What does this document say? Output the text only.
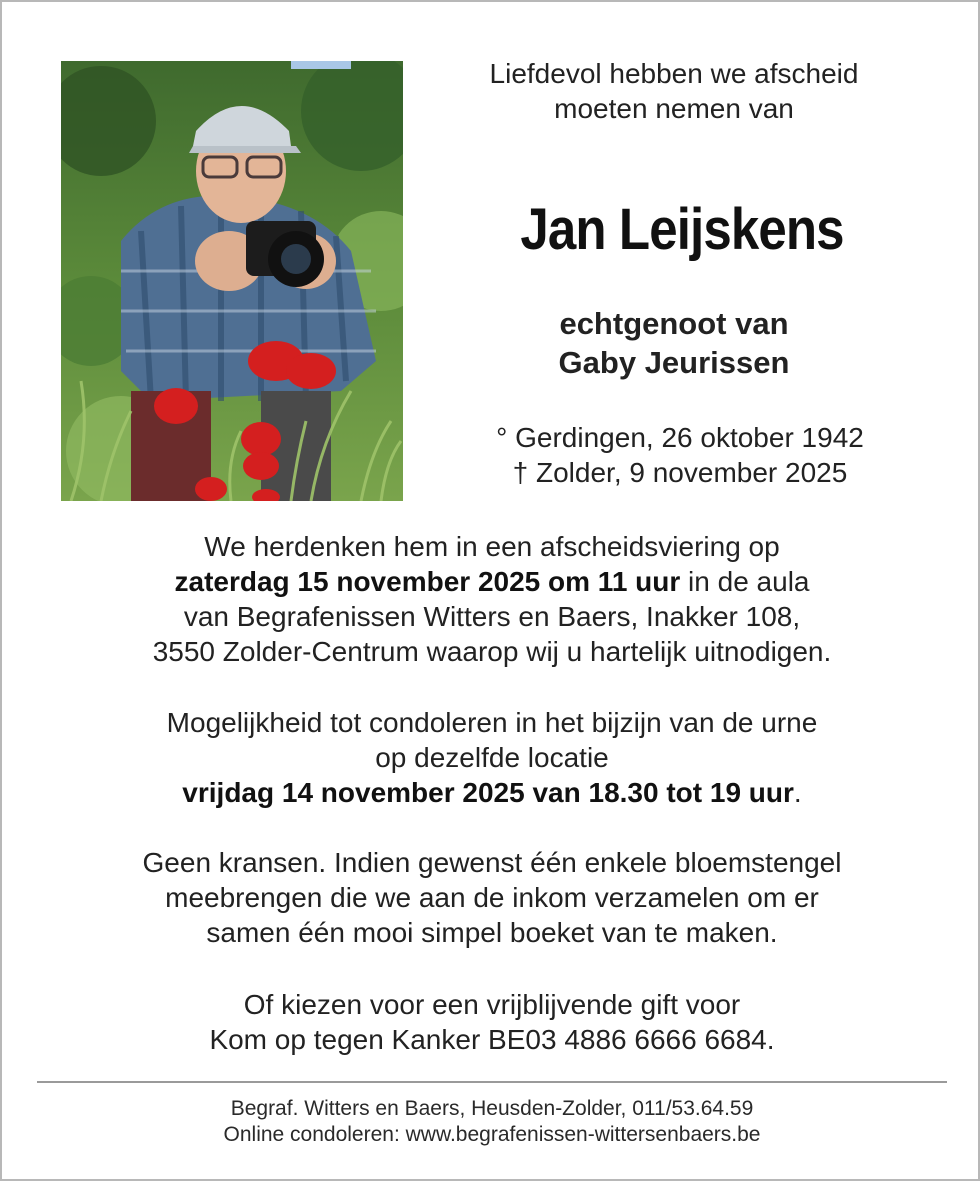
Liefdevol hebben we afscheid
moeten nemen van
Jan Leijskens
echtgenoot van
Gaby Jeurissen
° Gerdingen, 26 oktober 1942
† Zolder, 9 november 2025
We herdenken hem in een afscheidsviering op
zaterdag 15 november 2025 om 11 uur in de aula
van Begrafenissen Witters en Baers, Inakker 108,
3550 Zolder-Centrum waarop wij u hartelijk uitnodigen.
Mogelijkheid tot condoleren in het bijzijn van de urne
op dezelfde locatie
vrijdag 14 november 2025 van 18.30 tot 19 uur.
Geen kransen. Indien gewenst één enkele bloemstengel
meebrengen die we aan de inkom verzamelen om er
samen één mooi simpel boeket van te maken.
Of kiezen voor een vrijblijvende gift voor
Kom op tegen Kanker BE03 4886 6666 6684.
Begraf. Witters en Baers, Heusden-Zolder, 011/53.64.59
Online condoleren: www.begrafenissen-wittersenbaers.be
